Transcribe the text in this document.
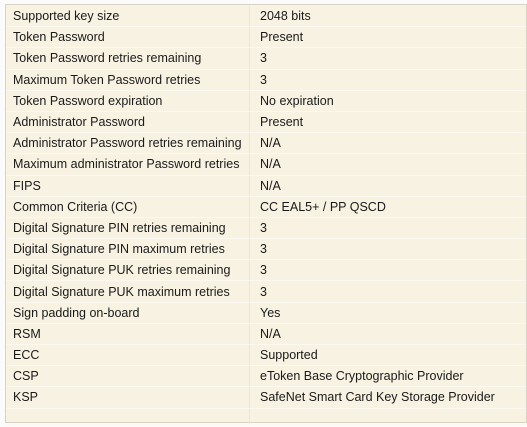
Supported key size	2048 bits
Token Password	Present
Token Password retries remaining	3
Maximum Token Password retries	3
Token Password expiration	No expiration
Administrator Password	Present
Administrator Password retries remaining	N/A
Maximum administrator Password retries	N/A
FIPS	N/A
Common Criteria (CC)	CC EAL5+ / PP QSCD
Digital Signature PIN retries remaining	3
Digital Signature PIN maximum retries	3
Digital Signature PUK retries remaining	3
Digital Signature PUK maximum retries	3
Sign padding on-board	Yes
RSM	N/A
ECC	Supported
CSP	eToken Base Cryptographic Provider
KSP	SafeNet Smart Card Key Storage Provider
